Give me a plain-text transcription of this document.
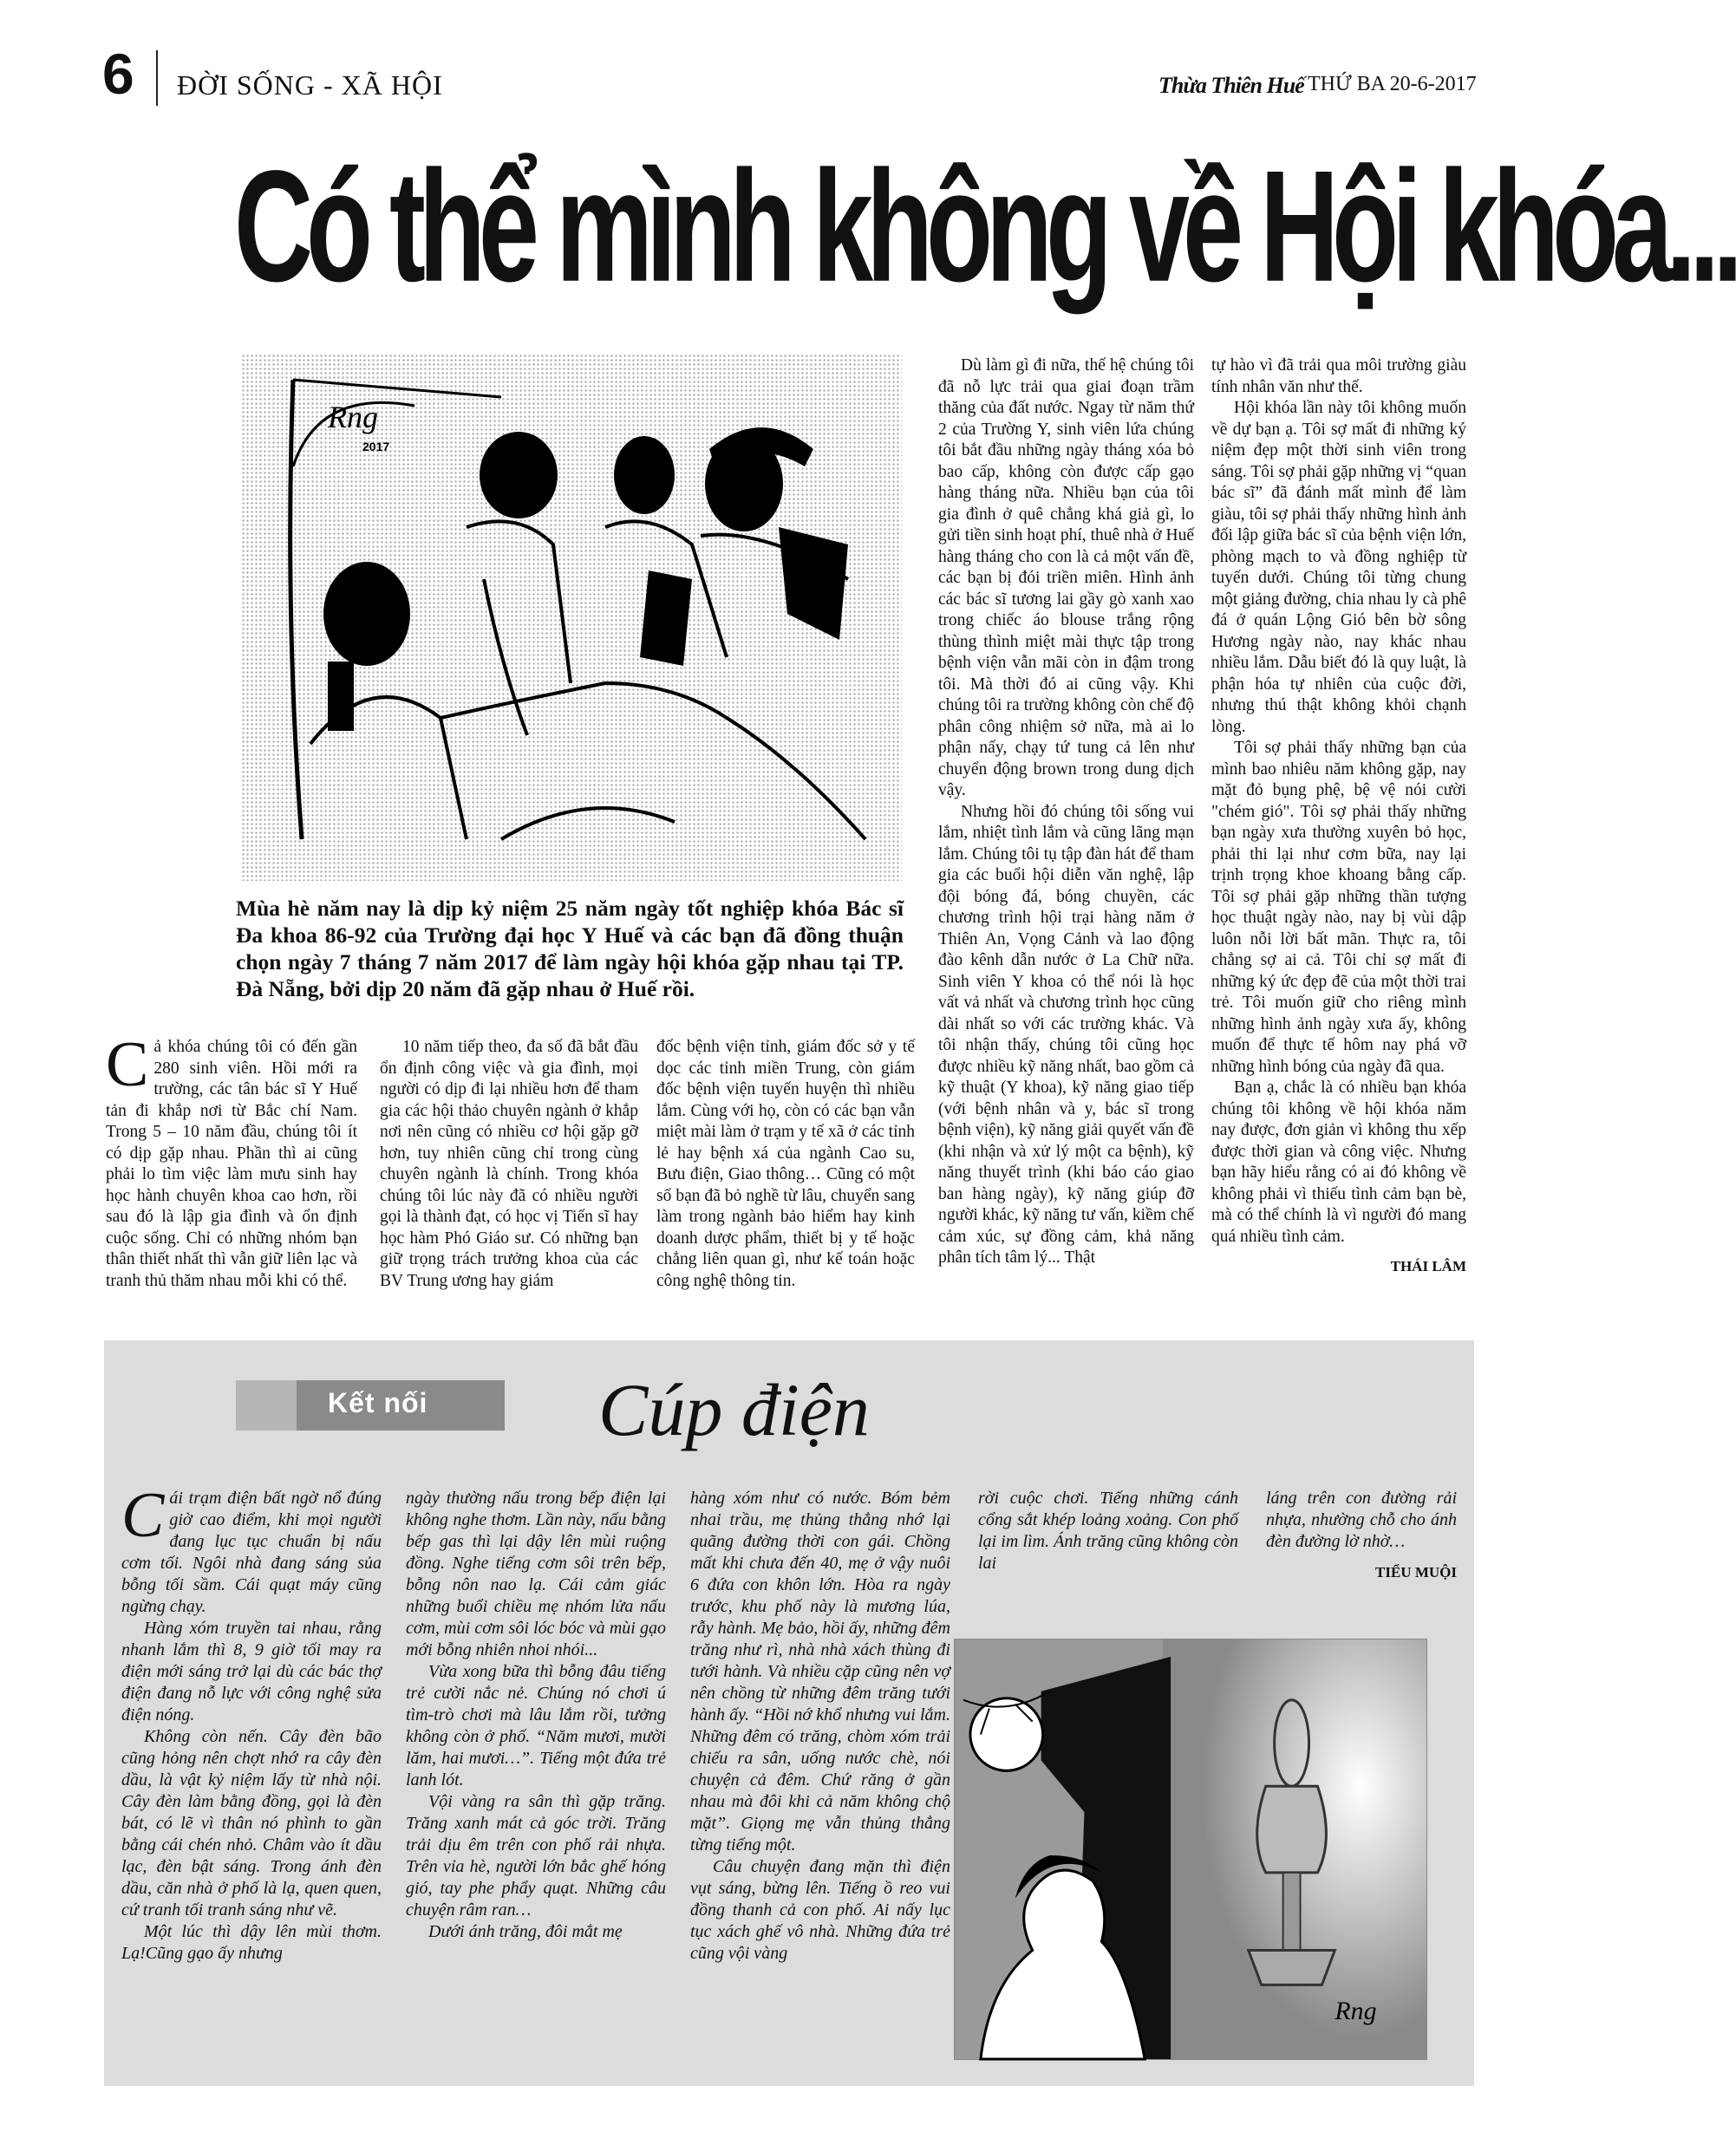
6 ĐỜI SỐNG - XÃ HỘI	Thừa Thiên Huế THỨ BA 20-6-2017
Có thể mình không về Hội khóa...
Rng
2017

Mùa hè năm nay là dịp kỷ niệm 25 năm ngày tốt nghiệp khóa Bác sĩ Đa khoa 86-92 của Trường đại học Y Huế và các bạn đã đồng thuận chọn ngày 7 tháng 7 năm 2017 để làm ngày hội khóa gặp nhau tại TP. Đà Nẵng, bởi dịp 20 năm đã gặp nhau ở Huế rồi.

Cả khóa chúng tôi có đến gần 280 sinh viên. Hồi mới ra trường, các tân bác sĩ Y Huế tản đi khắp nơi từ Bắc chí Nam. Trong 5 – 10 năm đầu, chúng tôi ít có dịp gặp nhau. Phần thì ai cũng phải lo tìm việc làm mưu sinh hay học hành chuyên khoa cao hơn, rồi sau đó là lập gia đình và ổn định cuộc sống. Chỉ có những nhóm bạn thân thiết nhất thì vẫn giữ liên lạc và tranh thủ thăm nhau mỗi khi có thể.

10 năm tiếp theo, đa số đã bắt đầu ổn định công việc và gia đình, mọi người có dịp đi lại nhiều hơn để tham gia các hội thảo chuyên ngành ở khắp nơi nên cũng có nhiều cơ hội gặp gỡ hơn, tuy nhiên cũng chỉ trong cùng chuyên ngành là chính. Trong khóa chúng tôi lúc này đã có nhiều người gọi là thành đạt, có học vị Tiến sĩ hay học hàm Phó Giáo sư. Có những bạn giữ trọng trách trưởng khoa của các BV Trung ương hay giám

đốc bệnh viện tỉnh, giám đốc sở y tế dọc các tỉnh miền Trung, còn giám đốc bệnh viện tuyến huyện thì nhiều lắm. Cùng với họ, còn có các bạn vẫn miệt mài làm ở trạm y tế xã ở các tỉnh lẻ hay bệnh xá của ngành Cao su, Bưu điện, Giao thông… Cũng có một số bạn đã bỏ nghề từ lâu, chuyển sang làm trong ngành bảo hiểm hay kinh doanh dược phẩm, thiết bị y tế hoặc chẳng liên quan gì, như kế toán hoặc công nghệ thông tin.

Dù làm gì đi nữa, thế hệ chúng tôi đã nỗ lực trải qua giai đoạn trầm thăng của đất nước. Ngay từ năm thứ 2 của Trường Y, sinh viên lứa chúng tôi bắt đầu những ngày tháng xóa bỏ bao cấp, không còn được cấp gạo hàng tháng nữa. Nhiều bạn của tôi gia đình ở quê chẳng khá giả gì, lo gửi tiền sinh hoạt phí, thuê nhà ở Huế hàng tháng cho con là cả một vấn đề, các bạn bị đói triền miên. Hình ảnh các bác sĩ tương lai gầy gò xanh xao trong chiếc áo blouse trắng rộng thùng thình miệt mài thực tập trong bệnh viện vẫn mãi còn in đậm trong tôi. Mà thời đó ai cũng vậy. Khi chúng tôi ra trường không còn chế độ phân công nhiệm sở nữa, mà ai lo phận nấy, chạy tứ tung cả lên như chuyển động brown trong dung dịch vậy.

Nhưng hồi đó chúng tôi sống vui lắm, nhiệt tình lắm và cũng lãng mạn lắm. Chúng tôi tụ tập đàn hát để tham gia các buổi hội diễn văn nghệ, lập đội bóng đá, bóng chuyền, các chương trình hội trại hàng năm ở Thiên An, Vọng Cảnh và lao động đào kênh dẫn nước ở La Chữ nữa. Sinh viên Y khoa có thể nói là học vất vả nhất và chương trình học cũng dài nhất so với các trường khác. Và tôi nhận thấy, chúng tôi cũng học được nhiều kỹ năng nhất, bao gồm cả kỹ thuật (Y khoa), kỹ năng giao tiếp (với bệnh nhân và y, bác sĩ trong bệnh viện), kỹ năng giải quyết vấn đề (khi nhận và xử lý một ca bệnh), kỹ năng thuyết trình (khi báo cáo giao ban hàng ngày), kỹ năng giúp đỡ người khác, kỹ năng tư vấn, kiềm chế cảm xúc, sự đồng cảm, khả năng phân tích tâm lý... Thật

tự hào vì đã trải qua môi trường giàu tính nhân văn như thế.

Hội khóa lần này tôi không muốn về dự bạn ạ. Tôi sợ mất đi những ký niệm đẹp một thời sinh viên trong sáng. Tôi sợ phải gặp những vị “quan bác sĩ” đã đánh mất mình để làm giàu, tôi sợ phải thấy những hình ảnh đối lập giữa bác sĩ của bệnh viện lớn, phòng mạch to và đồng nghiệp từ tuyến dưới. Chúng tôi từng chung một giảng đường, chia nhau ly cà phê đá ở quán Lộng Gió bên bờ sông Hương ngày nào, nay khác nhau nhiều lắm. Dẫu biết đó là quy luật, là phận hóa tự nhiên của cuộc đời, nhưng thú thật không khỏi chạnh lòng.

Tôi sợ phải thấy những bạn của mình bao nhiêu năm không gặp, nay mặt đỏ bụng phệ, bệ vệ nói cười "chém gió". Tôi sợ phải thấy những bạn ngày xưa thường xuyên bỏ học, phải thi lại như cơm bữa, nay lại trịnh trọng khoe khoang bằng cấp. Tôi sợ phải gặp những thần tượng học thuật ngày nào, nay bị vùi dập luôn nỗi lời bất mãn. Thực ra, tôi chẳng sợ ai cả. Tôi chỉ sợ mất đi những ký ức đẹp đẽ của một thời trai trẻ. Tôi muốn giữ cho riêng mình những hình ảnh ngày xưa ấy, không muốn để thực tế hôm nay phá vỡ những hình bóng của ngày đã qua.

Bạn ạ, chắc là có nhiều bạn khóa chúng tôi không về hội khóa năm nay được, đơn giản vì không thu xếp được thời gian và công việc. Nhưng bạn hãy hiểu rằng có ai đó không về không phải vì thiếu tình cảm bạn bè, mà có thể chính là vì người đó mang quá nhiều tình cảm.

THÁI LÂM

Kết nối Cúp điện

Cái trạm điện bất ngờ nổ đúng giờ cao điểm, khi mọi người đang lục tục chuẩn bị nấu cơm tối. Ngôi nhà đang sáng sủa bỗng tối sầm. Cái quạt máy cũng ngừng chạy.

Hàng xóm truyền tai nhau, rằng nhanh lắm thì 8, 9 giờ tối may ra điện mới sáng trở lại dù các bác thợ điện đang nỗ lực với công nghệ sửa điện nóng.

Không còn nến. Cây đèn bão cũng hỏng nên chợt nhớ ra cây đèn dầu, là vật kỷ niệm lấy từ nhà nội. Cây đèn làm bằng đồng, gọi là đèn bát, có lẽ vì thân nó phình to gần bằng cái chén nhỏ. Châm vào ít dầu lạc, đèn bật sáng. Trong ánh đèn dầu, căn nhà ở phố là lạ, quen quen, cứ tranh tối tranh sáng như vẽ.

Một lúc thì dậy lên mùi thơm. Lạ!Cũng gạo ấy nhưng

ngày thường nấu trong bếp điện lại không nghe thơm. Lần này, nấu bằng bếp gas thì lại dậy lên mùi ruộng đồng. Nghe tiếng cơm sôi trên bếp, bỗng nôn nao lạ. Cái cảm giác những buổi chiều mẹ nhóm lửa nấu cơm, mùi cơm sôi lóc bóc và mùi gạo mới bỗng nhiên nhoi nhói...

Vừa xong bữa thì bỗng đâu tiếng trẻ cười nắc nẻ. Chúng nó chơi ú tìm-trò chơi mà lâu lắm rồi, tưởng không còn ở phố. “Năm mươi, mười lăm, hai mươi…”. Tiếng một đứa trẻ lanh lót.

Vội vàng ra sân thì gặp trăng. Trăng xanh mát cả góc trời. Trăng trải dịu êm trên con phố rải nhựa. Trên vỉa hè, người lớn bắc ghế hóng gió, tay phe phẩy quạt. Những câu chuyện râm ran…

Dưới ánh trăng, đôi mắt mẹ

hàng xóm như có nước. Bóm bẻm nhai trầu, mẹ thủng thẳng nhớ lại quãng đường thời con gái. Chồng mất khi chưa đến 40, mẹ ở vậy nuôi 6 đứa con khôn lớn. Hòa ra ngày trước, khu phố này là mương lúa, rẫy hành. Mẹ bảo, hồi ấy, những đêm trăng như rì, nhà nhà xách thùng đi tưới hành. Và nhiều cặp cũng nên vợ nên chồng từ những đêm trăng tưới hành ấy. “Hồi nớ khổ nhưng vui lắm. Những đêm có trăng, chòm xóm trải chiếu ra sân, uống nước chè, nói chuyện cả đêm. Chứ răng ở gần nhau mà đôi khi cả năm không chộ mặt”. Giọng mẹ vẫn thủng thẳng từng tiếng một.

Câu chuyện đang mặn thì điện vụt sáng, bừng lên. Tiếng ồ reo vui đồng thanh cả con phố. Ai nấy lục tục xách ghế vô nhà. Những đứa trẻ cũng vội vàng

rời cuộc chơi. Tiếng những cánh cổng sắt khép loảng xoảng. Con phố lại im lìm. Ánh trăng cũng không còn lai

láng trên con đường rải nhựa, nhường chỗ cho ánh đèn đường lờ nhờ…

TIỂU MUỘI

Rng
